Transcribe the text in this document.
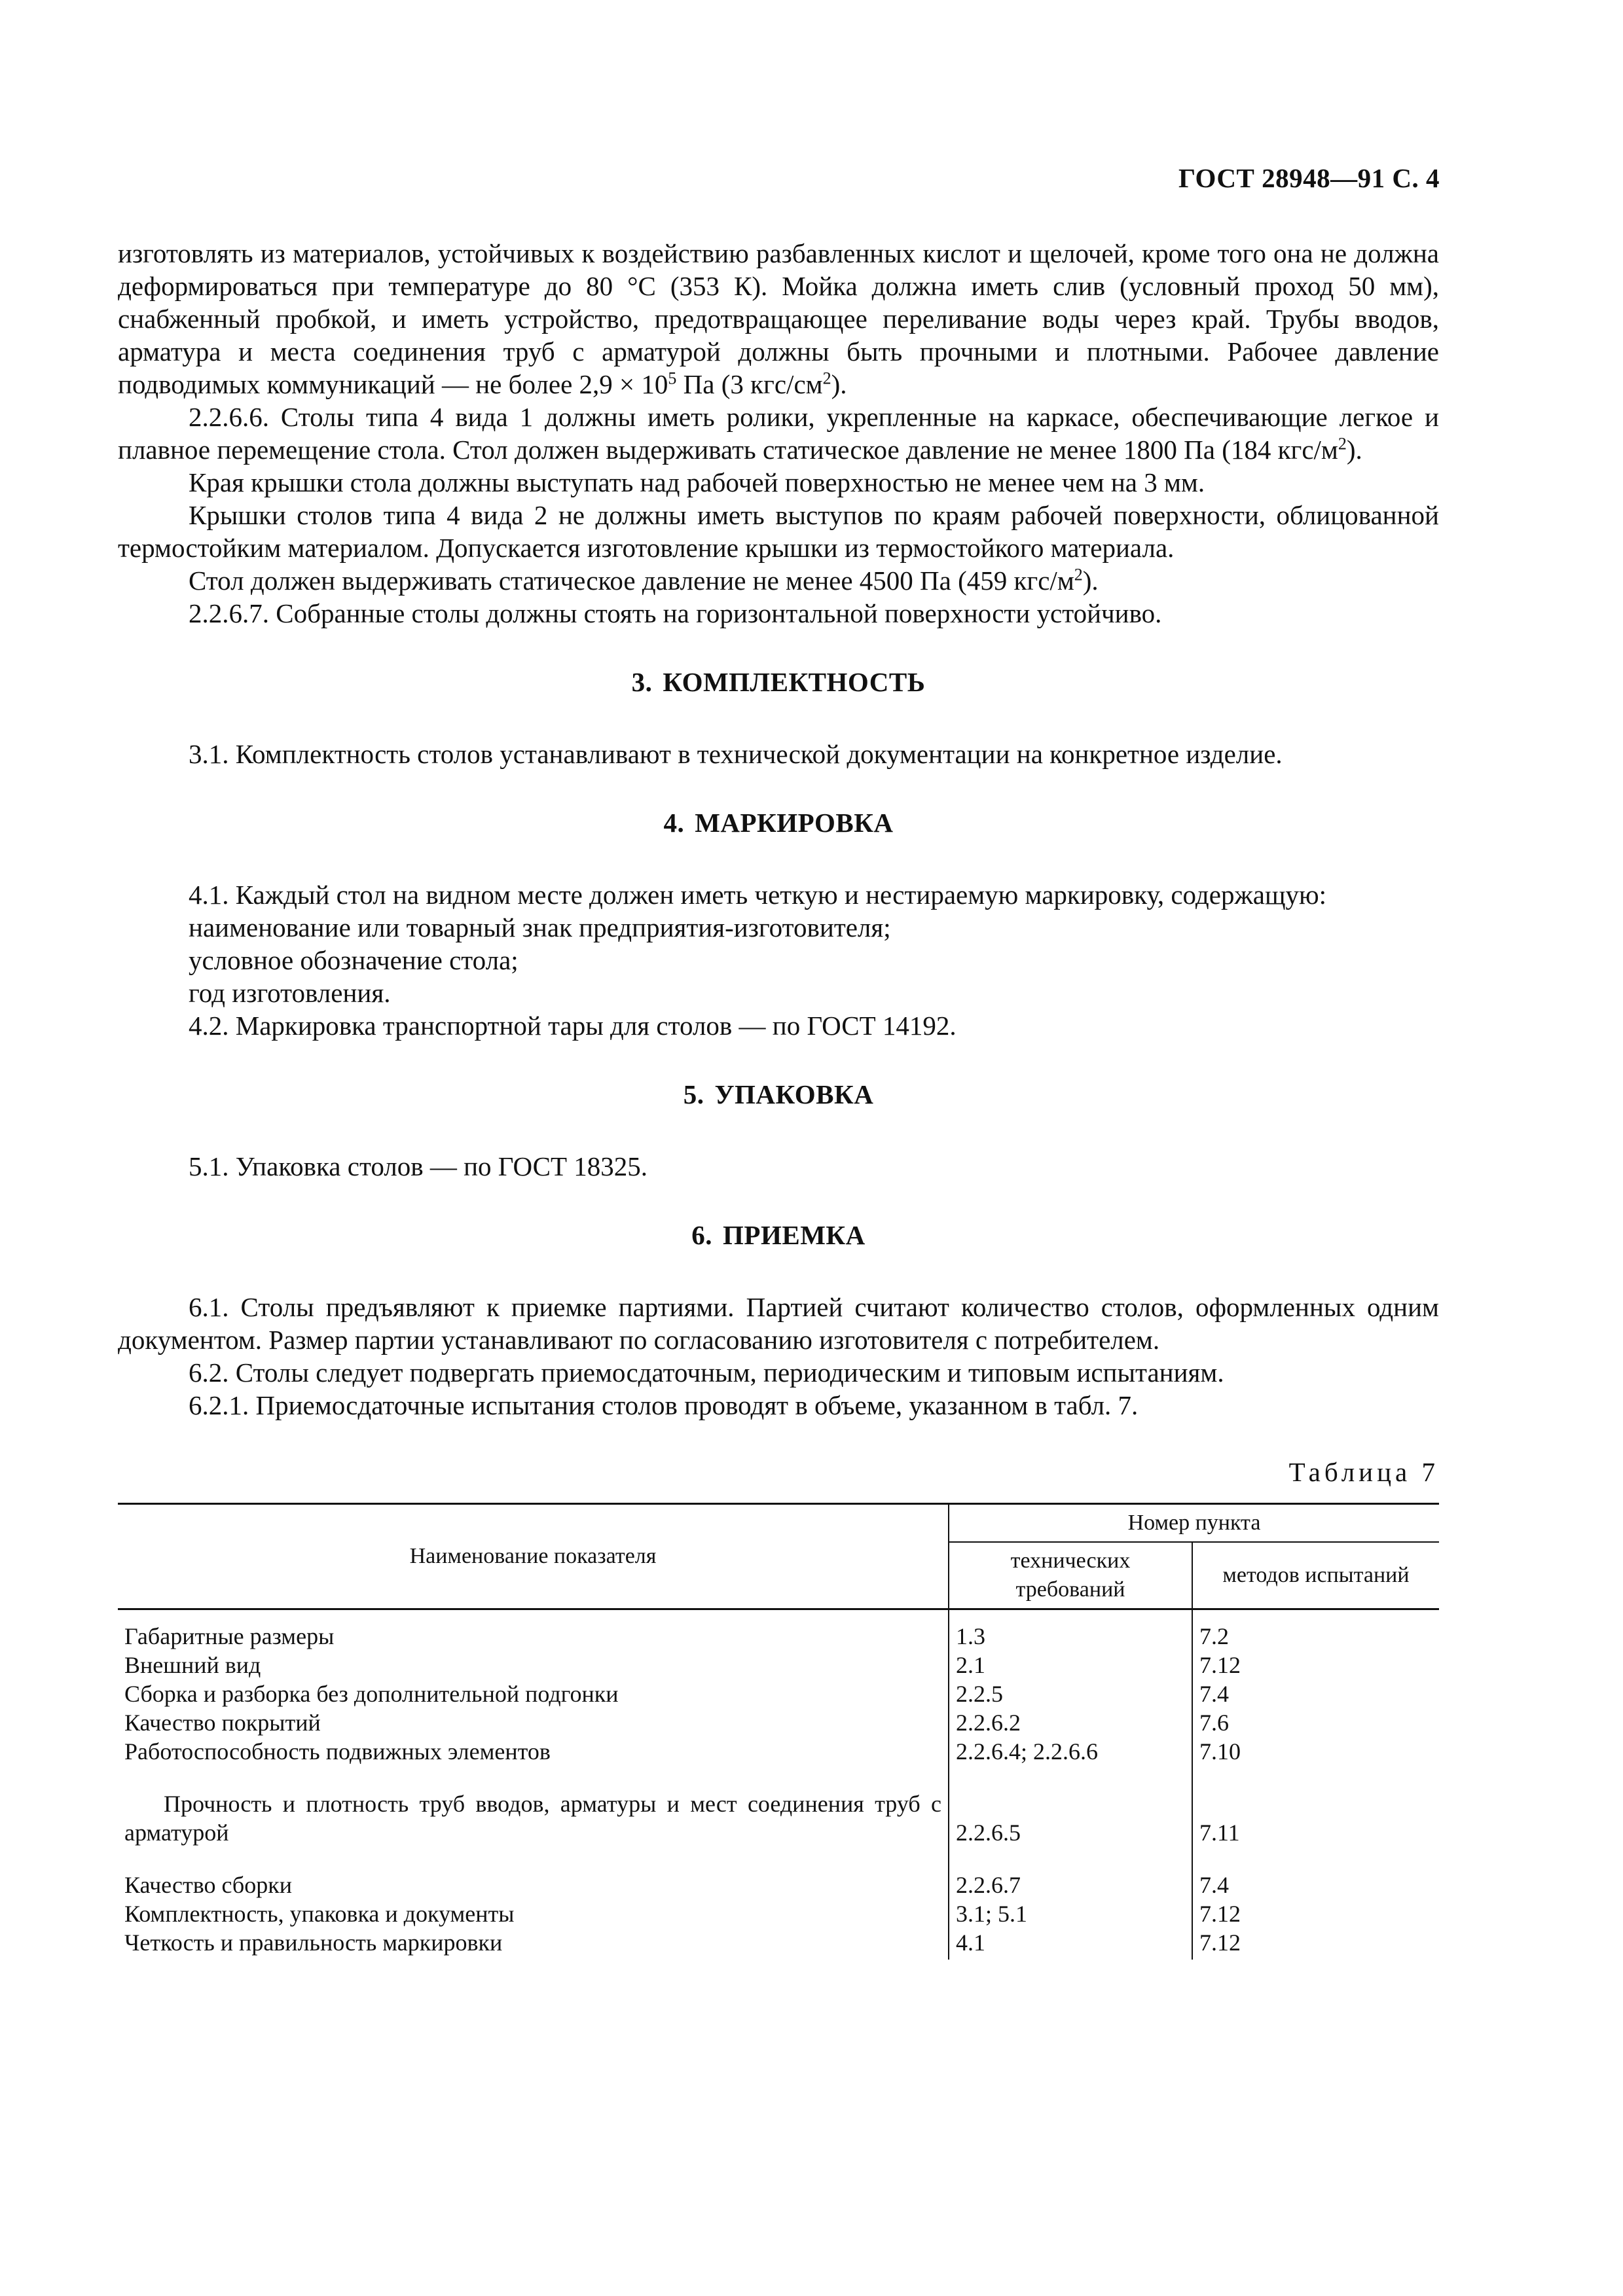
ГОСТ 28948—91 С. 4

изготовлять из материалов, устойчивых к воздействию разбавленных кислот и щелочей, кроме того она не должна деформироваться при температуре до 80 °С (353 К). Мойка должна иметь слив (условный проход 50 мм), снабженный пробкой, и иметь устройство, предотвращающее переливание воды через край. Трубы вводов, арматура и места соединения труб с арматурой должны быть прочными и плотными. Рабочее давление подводимых коммуникаций — не более $2,9 \times 10^5$ Па (3 кгс/$см^2$).

2.2.6.6. Столы типа 4 вида 1 должны иметь ролики, укрепленные на каркасе, обеспечивающие легкое и плавное перемещение стола. Стол должен выдерживать статическое давление не менее 1800 Па (184 кгс/$м^2$).

Края крышки стола должны выступать над рабочей поверхностью не менее чем на 3 мм.

Крышки столов типа 4 вида 2 не должны иметь выступов по краям рабочей поверхности, облицованной термостойким материалом. Допускается изготовление крышки из термостойкого материала.

Стол должен выдерживать статическое давление не менее 4500 Па (459 кгс/$м^2$).

2.2.6.7. Собранные столы должны стоять на горизонтальной поверхности устойчиво.

3. КОМПЛЕКТНОСТЬ

3.1. Комплектность столов устанавливают в технической документации на конкретное изделие.

4. МАРКИРОВКА

4.1. Каждый стол на видном месте должен иметь четкую и нестираемую маркировку, содержащую:

наименование или товарный знак предприятия-изготовителя;

условное обозначение стола;

год изготовления.

4.2. Маркировка транспортной тары для столов — по ГОСТ 14192.

5. УПАКОВКА

5.1. Упаковка столов — по ГОСТ 18325.

6. ПРИЕМКА

6.1. Столы предъявляют к приемке партиями. Партией считают количество столов, оформленных одним документом. Размер партии устанавливают по согласованию изготовителя с потребителем.

6.2. Столы следует подвергать приемосдаточным, периодическим и типовым испытаниям.

6.2.1. Приемосдаточные испытания столов проводят в объеме, указанном в табл. 7.

Таблица 7
Наименование показателя	Номер пункта	
	технических требований	методов испытаний
Габаритные размеры	1.3	7.2
Внешний вид	2.1	7.12
Сборка и разборка без дополнительной подгонки	2.2.5	7.4
Качество покрытий	2.2.6.2	7.6
Работоспособность подвижных элементов	2.2.6.4; 2.2.6.6	7.10

Прочность и плотность труб вводов, арматуры и мест соединения труб с арматурой	2.2.6.5	7.11

Качество сборки	2.2.6.7	7.4
Комплектность, упаковка и документы	3.1; 5.1	7.12
Четкость и правильность маркировки	4.1	7.12
